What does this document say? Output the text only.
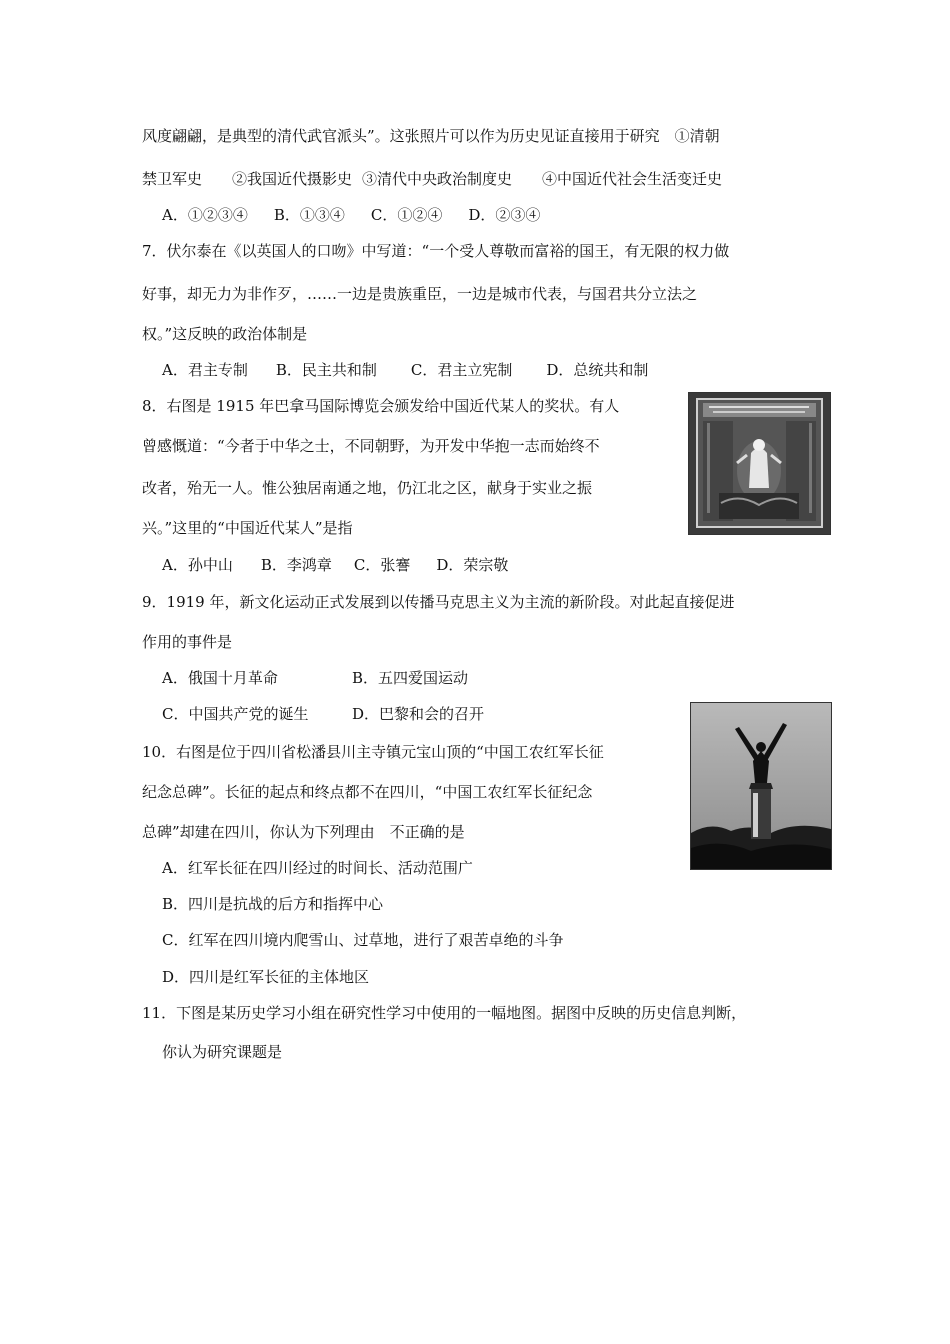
风度翩翩，是典型的清代武官派头”。这张照片可以作为历史见证直接用于研究　①清朝
禁卫军史 ②我国近代摄影史 ③清代中央政治制度史 ④中国近代社会生活变迁史
A．①②③④ B．①③④ C．①②④ D．②③④
7．伏尔泰在《以英国人的口吻》中写道：“一个受人尊敬而富裕的国王，有无限的权力做
好事，却无力为非作歹，……一边是贵族重臣，一边是城市代表，与国君共分立法之
权。”这反映的政治体制是
A．君主专制 B．民主共和制 C．君主立宪制 D．总统共和制
8．右图是 1915 年巴拿马国际博览会颁发给中国近代某人的奖状。有人
曾感慨道：“今者于中华之士，不同朝野，为开发中华抱一志而始终不
改者，殆无一人。惟公独居南通之地，仍江北之区，献身于实业之振
兴。”这里的“中国近代某人”是指
A．孙中山 B．李鸿章 C．张謇 D．荣宗敬
9．1919 年，新文化运动正式发展到以传播马克思主义为主流的新阶段。对此起直接促进
作用的事件是
A．俄国十月革命	B．五四爱国运动
C．中国共产党的诞生	D．巴黎和会的召开
10．右图是位于四川省松潘县川主寺镇元宝山顶的“中国工农红军长征
纪念总碑”。长征的起点和终点都不在四川，“中国工农红军长征纪念
总碑”却建在四川，你认为下列理由　不正确的是
A．红军长征在四川经过的时间长、活动范围广
B．四川是抗战的后方和指挥中心
C．红军在四川境内爬雪山、过草地，进行了艰苦卓绝的斗争
D．四川是红军长征的主体地区
11．下图是某历史学习小组在研究性学习中使用的一幅地图。据图中反映的历史信息判断，
你认为研究课题是
